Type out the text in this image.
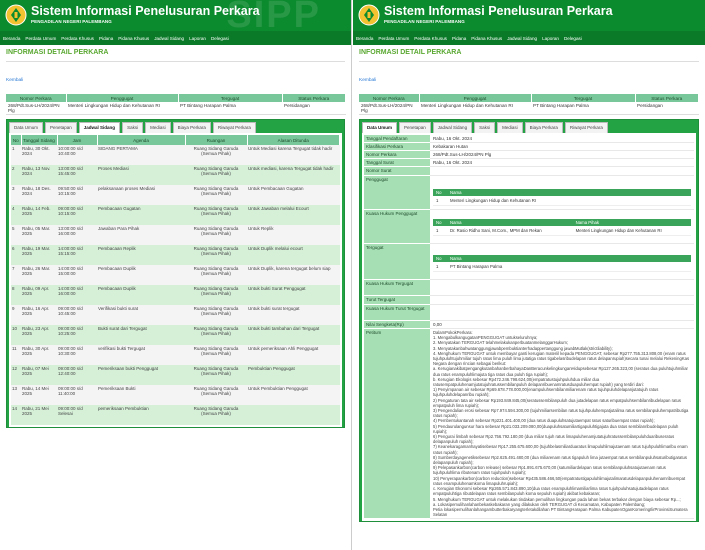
Sistem Informasi Penelusuran Perkara
PENGADILAN NEGERI PALEMBANG	SIPP
Beranda Perdata Umum Perdata Khusus Pidana Pidana Khusus Jadwal Sidang Laporan Delegasi
INFORMASI DETAIL PERKARA
Kembali
Nomor Perkara	Penggugat	Tergugat	Status Perkara
268/Pdt.Sus-LH/2024/PN Plg	Menteri Lingkungan Hidup dan Kehutanan RI	PT Bintang Harapan Palma	Persidangan
Data Umum	Penetapan	Jadwal Sidang	Saksi	Mediasi	Biaya Perkara	Riwayat Perkara
No	Tanggal Sidang	Jam	Agenda	Ruangan	Alasan Ditunda
1	Rabu, 30 Okt. 2024	10:00:00 s/d 10:40:00	SIDANG PERTAMA	Ruang Sidang Garuda (Semua Pihak)	Untuk Mediasi karena Tergugat tidak hadir
2	Rabu, 13 Nov. 2024	13:00:00 s/d 15:45:00	Proses Mediasi	Ruang Sidang Garuda (Semua Pihak)	Untuk mediasi, karena Tergugat tidak hadir
3	Rabu, 18 Des. 2024	09:50:00 s/d 10:15:00	pelaksanaan proses Mediasi	Ruang Sidang Garuda (Semua Pihak)	Untuk Pembacaan Gugatan
4	Rabu, 14 Feb. 2025	09:00:00 s/d 10:15:00	Pembacaan Gugatan	Ruang Sidang Garuda (Semua Pihak)	Untuk Jawaban melalui Ecourt
5	Rabu, 05 Mar. 2025	13:00:00 s/d 16:00:00	Jawaban Para Pihak	Ruang Sidang Garuda (Semua Pihak)	Untuk Replik
6	Rabu, 19 Mar. 2025	14:00:00 s/d 15:15:00	Pembacaan Replik	Ruang Sidang Garuda (Semua Pihak)	Untuk Duplik melalui ecourt
7	Rabu, 26 Mar. 2025	14:00:00 s/d 15:00:00	Pembacaan Duplik	Ruang Sidang Garuda (Semua Pihak)	Untuk Duplik, karena tergugat belum siap
8	Rabu, 09 Apr. 2025	14:00:00 s/d 16:00:00	Pembacaan Duplik	Ruang Sidang Garuda (Semua Pihak)	Untuk bukti Surat Penggugat
9	Rabu, 16 Apr. 2025	09:00:00 s/d 10:45:00	Verifikasi bukti surat	Ruang Sidang Garuda (Semua Pihak)	Untuk bukti surat tergugat
10	Rabu, 23 Apr. 2025	09:00:00 s/d 10:25:00	Bukti surat dari Tergugat	Ruang Sidang Garuda (Semua Pihak)	Untuk bukti tambahan dari Tergugat
11	Rabu, 30 Apr. 2025	09:00:00 s/d 10:30:00	verifikasi bukti Tergugat	Ruang Sidang Garuda (Semua Pihak)	Untuk pemeriksaan Ahli Penggugat
12	Rabu, 07 Mei 2025	09:00:00 s/d 12:40:00	Pemeriksaan bukti Penggugat	Ruang Sidang Garuda (Semua Pihak)	Pembuktian Penggugat
13	Rabu, 14 Mei 2025	09:00:00 s/d 11:40:00	Pemeriksaan Bukti	Ruang Sidang Garuda (Semua Pihak)	Untuk Pembuktian Penggugat
14	Rabu, 21 Mei 2025	09:00:00 s/d Selesai	pemeriksaan Pembuktian	Ruang Sidang Garuda (Semua Pihak)	
Sistem Informasi Penelusuran Perkara
PENGADILAN NEGERI PALEMBANG
Beranda Perdata Umum Perdata Khusus Pidana Pidana Khusus Jadwal Sidang Laporan Delegasi
INFORMASI DETAIL PERKARA
Kembali
Nomor Perkara	Penggugat	Tergugat	Status Perkara
268/Pdt.Sus-LH/2024/PN Plg	Menteri Lingkungan Hidup dan Kehutanan RI	PT Bintang Harapan Palma	Persidangan
Data Umum	Penetapan	Jadwal Sidang	Saksi	Mediasi	Biaya Perkara	Riwayat Perkara
Tanggal Pendaftaran	Rabu, 16 Okt. 2024
Klasifikasi Perkara	Kebakaran Hutan
Nomor Perkara	268/Pdt.Sus-LH/2024/PN Plg
Tanggal Surat	Rabu, 16 Okt. 2024
Nomor Surat	
Penggugat	
No	Nama
1	Menteri Lingkungan Hidup dan Kehutanan RI

Kuasa Hukum Penggugat	
No	Nama	Nama Pihak
1	Dr. Rasio Ridho Sani, M.Com., MPM dan Rekan	Menteri Lingkungan Hidup dan Kehutanan RI

Tergugat	
No	Nama
1	PT Bintang Harapan Palma

Kuasa Hukum Tergugat	
Turut Tergugat	
Kuasa Hukum Turut Tergugat	
Nilai Sengketa(Rp)	0,00
Petitum	DalamPokokPerkara:

1. MengabulkangugatanPENGGUGAT untukseluruhnya;

2. Menyatakan TERGUGAT telahmelakukanperbuatanmelanggarHukum;

3. Menyatakanbahwatanggungjawabpembuktianterhadappertanggung jawabMutlak(strictliability);

4. Menghukum TERGUGAT untuk membayar ganti kerugian materiil kepada PENGGUGAT, sebesar Rp277.755.313.808,00 (enam ratus tujuhpuluhtujuhmiliar tujuh ratus lima puluh lima jutatiga ratus tigabelasribudelapan ratus delapanrupiah)secara tunai melalui RekeningKas Negara dengan rincian sebagai berikut:

a. KerugianakibatpengangkutanbahanberbahayaDanBeracunkelingkunganHidupsebesar Rp127.265.323,00 (seratus dua puluhtujuhmiliar dua ratus enampuluhlimajuta tiga ratus dua puluh tiga rupiah);

b. Kerugian Ekologis sebesar Rp472.246.798.624,00(empatratustujuhpuluhdua miliar dua ratusempatpuluhenamjutatujuhratussembilanpuluh delapanribuenamratusduapuluhempat rupiah) yang terdiri dari:

1) Penyimpanan air sebesar Rp69.678.778.000,00(enampuluhsembilanmiliarenam ratus tujuhpuluhdelapanjutatujuh ratus tujuhpuluhdelapanribu rupiah);

2) Pengaturan tata air sebesar Rp193.849.845,00(seratussembilanpuluh dua jutadelapan ratus empatpuluhsembilanribudelapan ratus empatpuluh lima rupiah);

3) Pengendalian erosi sebesar Rp7.974.594.300,00 (tujuhmiliarsembilan ratus tujuhpuluhempatjutalima ratus sembilanpuluhempatributiga ratus rupiah);

4) Pembentukantanah sebesar Rp221.401.400,00 (dua ratus duapuluhsatujutaempat ratus saturibuempat ratus rupiah);

5) Pendaurulangunsur hara sebesar Rp21.033.209.080,00(duapuluhsatumiliartigapuluhtigajuta dua ratus sembilanribudelapan puluh rupiah);

6) Pengurai limbah sebesar Rp2.756.792.180,00 (dua miliar tujuh ratus limapuluhenamjutatujuhratussembilanpuluhduaribuseratus delapanpuluh rupiah);

7) Keanekaragamanhayatisebesar Rp17.255.675.600,00 (tujuhbelasmiliarduaratus limapuluhlimajutaenam ratus tujuhpuluhlimaribu enam ratus rupiah);

8) Sumberdayagenetiksebesar Rp2.625.491.480,00 (dua miliarenam ratus tigapuluh lima jutaempat ratus sembilanpuluhsatuributigaratus delapanpuluh rupiah);

9) Pelepasankarbon(carbon release) sebesar Rp1.891.675.670,00 (satumiliardelapan ratus sembilanpuluhsatujutaenam ratus tujuhpuluhlima ributenam ratus tujuhpuluh rupiah);

10) Penyerapankarbon(carbon reduction)sebesar Rp435.586.466,50(empatratustigapuluhlimajutalimaratusdelapanpuluhenamribuempat ratus enampuluhenamkoma limapuluhrupiah);

c. Kerugian Ekonomi sebesar Rp265.571.843.890,10(dua ratus enampuluhlimamiliarlima ratus tujuhpuluhsatujutadelapan ratus empatpuluhtiga ributdelapan ratus sembilanpuluh koma sepuluh rupiah) akibat kebakaran;

5. Menghukum TERGUGAT untuk melakukan tindakan pemulihan lingkungan pada lahan bekas terbakar dengan biaya sebesar Rp...;

a. Lokasipemulihanlahanbekaskebakaran yang dilakukan oleh TERGUGAT di Kecamatan, Kabupaten Palembang;

Petia lokasipemulihanlahangambutterbakaryangterletakdilahan PT BintangHarapan Palma KabupatenOganKomeringIlirProvinsiSumatera Selatan
